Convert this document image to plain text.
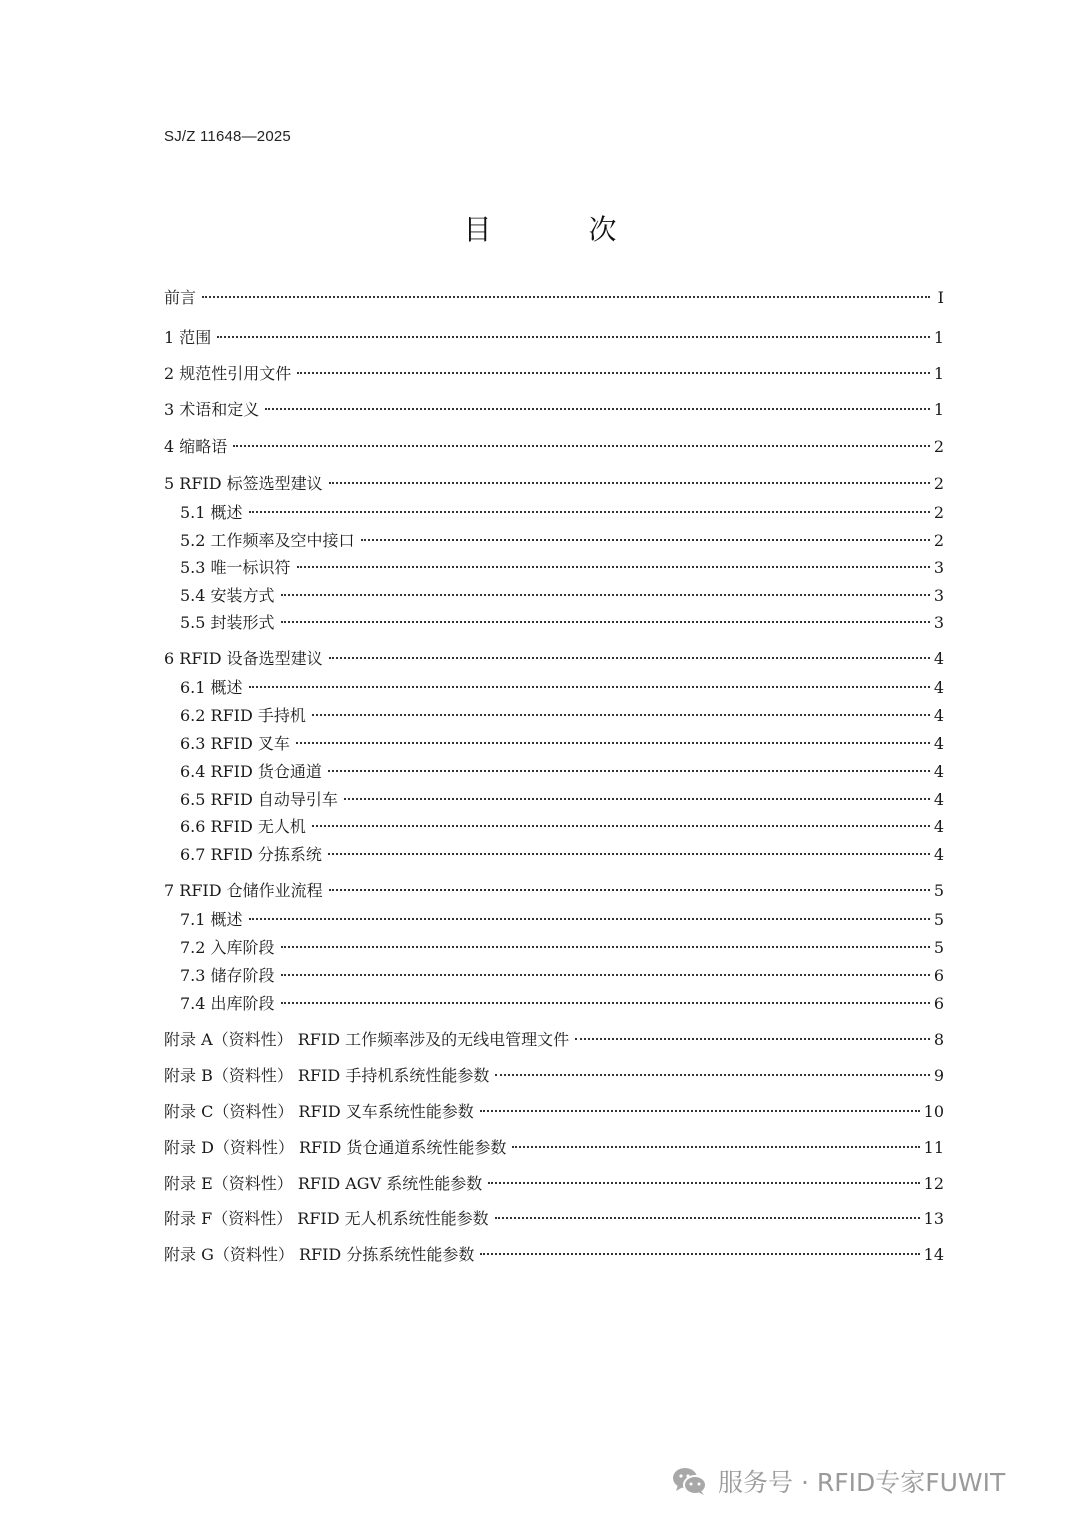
SJ/Z 11648—2025
目 次
前言	I
1 范围	1
2 规范性引用文件	1
3 术语和定义	1
4 缩略语	2
5 RFID 标签选型建议	2
5.1 概述	2
5.2 工作频率及空中接口	2
5.3 唯一标识符	3
5.4 安装方式	3
5.5 封装形式	3
6 RFID 设备选型建议	4
6.1 概述	4
6.2 RFID 手持机	4
6.3 RFID 叉车	4
6.4 RFID 货仓通道	4
6.5 RFID 自动导引车	4
6.6 RFID 无人机	4
6.7 RFID 分拣系统	4
7 RFID 仓储作业流程	5
7.1 概述	5
7.2 入库阶段	5
7.3 储存阶段	6
7.4 出库阶段	6
附录 A（资料性） RFID 工作频率涉及的无线电管理文件	8
附录 B（资料性） RFID 手持机系统性能参数	9
附录 C（资料性） RFID 叉车系统性能参数	10
附录 D（资料性） RFID 货仓通道系统性能参数	11
附录 E（资料性） RFID AGV 系统性能参数	12
附录 F（资料性） RFID 无人机系统性能参数	13
附录 G（资料性） RFID 分拣系统性能参数	14
服务号 · RFID专家FUWIT
